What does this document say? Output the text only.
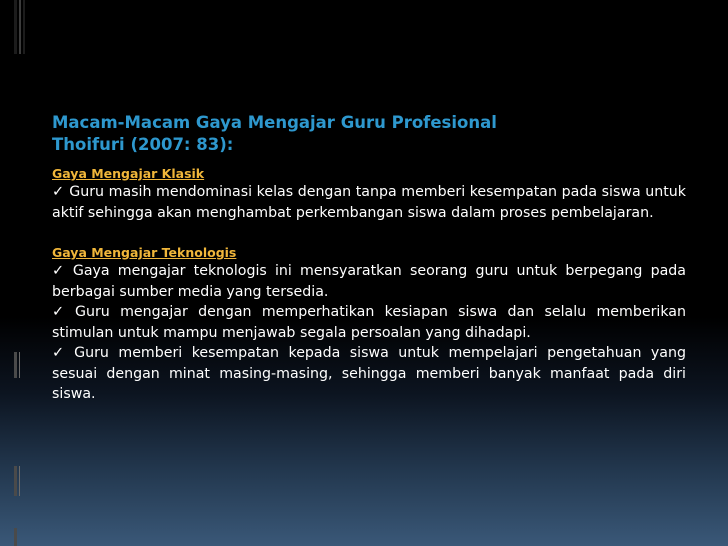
Macam-Macam Gaya Mengajar Guru Profesional
Thoifuri (2007: 83):
Gaya Mengajar Klasik

✓ Guru masih mendominasi kelas dengan tanpa memberi kesempatan pada siswa untuk aktif sehingga akan menghambat perkembangan siswa dalam proses pembelajaran.

Gaya Mengajar Teknologis

✓ Gaya mengajar teknologis ini mensyaratkan seorang guru untuk berpegang pada berbagai sumber media yang tersedia.

✓ Guru mengajar dengan memperhatikan kesiapan siswa dan selalu memberikan stimulan untuk mampu menjawab segala persoalan yang dihadapi.

✓ Guru memberi kesempatan kepada siswa untuk mempelajari pengetahuan yang sesuai dengan minat masing-masing, sehingga memberi banyak manfaat pada diri siswa.
